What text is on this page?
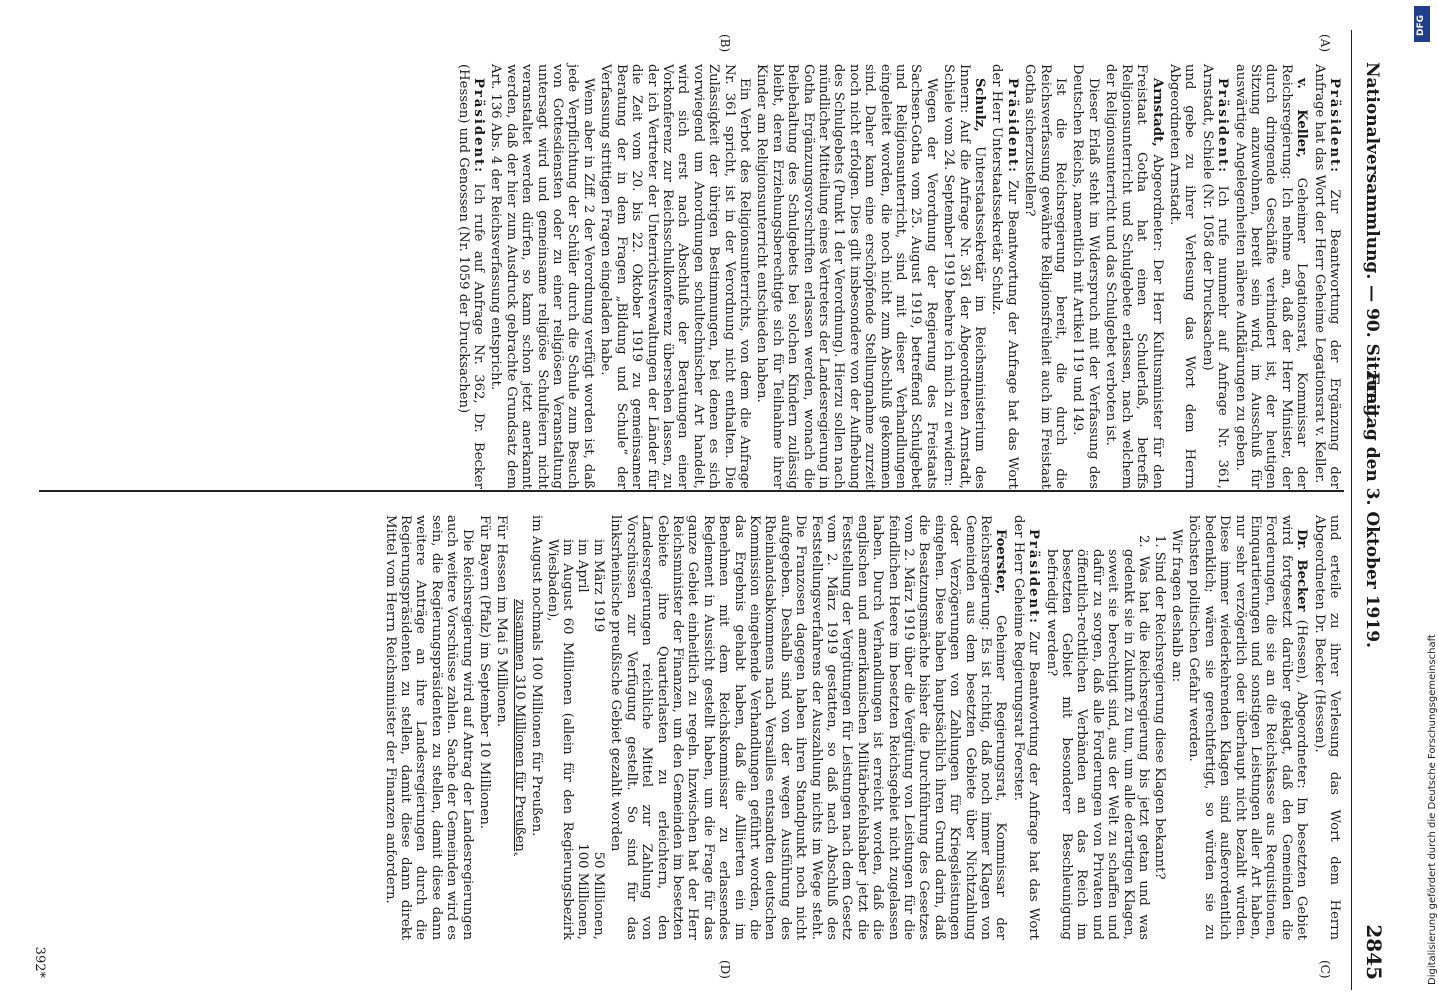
Nationalversammlung. — 90. Sitzung.
Freitag den 3. Oktober 1919.
2845
(A)
(B)
(C)
(D)

Präsident: Zur Beantwortung der Ergänzung der Anfrage hat das Wort der Herr Geheime Legationsrat v. Keller.

v. Keller, Geheimer Legationsrat, Kommissar der Reichsregierung: Ich nehme an, daß der Herr Minister, der durch dringende Geschäfte verhindert ist, der heutigen Sitzung anzuwohnen, bereit sein wird, im Ausschuß für auswärtige Angelegenheiten nähere Aufklärungen zu geben.

Präsident: Ich rufe nunmehr auf Anfrage Nr. 361, Arnstadt, Schiele (Nr. 1058 der Drucksachen)

und gebe zu ihrer Verlesung das Wort dem Herrn Abgeordneten Arnstadt.

Arnstadt, Abgeordneter: Der Herr Kultusminister für den Freistaat Gotha hat einen Schulerlaß, betreffs Religionsunterricht und Schulgebete erlassen, nach welchem der Religionsunterricht und das Schulgebet verboten ist.

Dieser Erlaß steht im Widerspruch mit der Verfassung des Deutschen Reichs, namentlich mit Artikel 119 und 149.

Ist die Reichsregierung bereit, die durch die Reichsverfassung gewährte Religionsfreiheit auch im Freistaat Gotha sicherzustellen?

Präsident: Zur Beantwortung der Anfrage hat das Wort der Herr Unterstaatssekretär Schulz.

Schulz, Unterstaatssekretär im Reichsministerium des Innern: Auf die Anfrage Nr. 361 der Abgeordneten Arnstadt, Schiele vom 24. September 1919 beehre ich mich zu erwidern:

Wegen der Verordnung der Regierung des Freistaats Sachsen-Gotha vom 25. August 1919, betreffend Schulgebet und Religionsunterricht, sind mit dieser Verhandlungen eingeleitet worden, die noch nicht zum Abschluß gekommen sind. Daher kann eine erschöpfende Stellungnahme zurzeit noch nicht erfolgen. Dies gilt insbesondere von der Aufhebung des Schulgebets (Punkt 1 der Verordnung). Hierzu sollen nach mündlicher Mitteilung eines Vertreters der Landesregierung in Gotha Ergänzungsvorschriften erlassen werden, wonach die Beibehaltung des Schulgebets bei solchen Kindern zulässig bleibt, deren Erziehungsberechtigte sich für Teilnahme ihrer Kinder am Religionsunterricht entschieden haben.

Ein Verbot des Religionsunterrichts, von dem die Anfrage Nr. 361 spricht, ist in der Verordnung nicht enthalten. Die Zulässigkeit der übrigen Bestimmungen, bei denen es sich vorwiegend um Anordnungen schultechnischer Art handelt, wird sich erst nach Abschluß der Beratungen einer Vorkonferenz zur Reichsschulkonferenz übersehen lassen, zu der ich Vertreter der Unterrichtsverwaltungen der Länder für die Zeit vom 20. bis 22. Oktober 1919 zu gemeinsamer Beratung der in dem Fragen „Bildung und Schule“ der Verfassung strittigen Fragen eingeladen habe.

Wenn aber in Ziff. 2 der Verordnung verfügt worden ist, daß jede Verpflichtung der Schüler durch die Schule zum Besuch von Gottesdiensten oder zu einer religiösen Veranstaltung untersagt wird und gemeinsame religiöse Schulfeiern nicht veranstaltet werden dürfen, so kann schon jetzt anerkannt werden, daß der hier zum Ausdruck gebrachte Grundsatz dem Art. 136 Abs. 4 der Reichsverfassung entspricht.

Präsident: Ich rufe auf Anfrage Nr. 362, Dr. Becker (Hessen) und Genossen (Nr. 1059 der Drucksachen)

und erteile zu ihrer Verlesung das Wort dem Herrn Abgeordneten Dr. Becker (Hessen).

Dr. Becker (Hessen), Abgeordneter: Im besetzten Gebiet wird fortgesetzt darüber geklagt, daß den Gemeinden die Forderungen, die sie an die Reichskasse aus Requisitionen, Einquartierungen und sonstigen Leistungen aller Art haben, nur sehr verzögerlich oder überhaupt nicht bezahlt würden. Diese immer wiederkehrenden Klagen sind außerordentlich bedenklich; wären sie gerechtfertigt, so würden sie zu höchsten politischen Gefahr werden.

Wir fragen deshalb an:

1. Sind der Reichsregierung diese Klagen bekannt?
2. Was hat die Reichsregierung bis jetzt getan und was gedenkt sie in Zukunft zu tun, um alle derartigen Klagen, soweit sie berechtigt sind, aus der Welt zu schaffen und dafür zu sorgen, daß alle Forderungen von Privaten und öffentlich-rechtlichen Verbänden an das Reich im besetzten Gebiet mit besonderer Beschleunigung befriedigt werden?

Präsident: Zur Beantwortung der Anfrage hat das Wort der Herr Geheime Regierungsrat Foerster.

Foerster, Geheimer Regierungsrat, Kommissar der Reichsregierung: Es ist richtig, daß noch immer Klagen von Gemeinden aus dem besetzten Gebiete über Nichtzahlung oder Verzögerungen von Zahlungen für Kriegsleistungen eingehen. Diese haben hauptsächlich ihren Grund darin, daß die Besatzungsmächte bisher die Durchführung des Gesetzes vom 2. März 1919 über die Vergütung von Leistungen für die feindlichen Heere im besetzten Reichsgebiet nicht zugelassen haben. Durch Verhandlungen ist erreicht worden, daß die englischen und amerikanischen Militärbefehlshaber jetzt die Feststellung der Vergütungen für Leistungen nach dem Gesetz vom 2. März 1919 gestatten, so daß nach Abschluß des Feststellungsverfahrens der Auszahlung nichts im Wege steht. Die Franzosen dagegen haben ihren Standpunkt noch nicht aufgegeben. Deshalb sind von der wegen Ausführung des Rheinlandsabkommens nach Versailles entsandten deutschen Kommission eingehende Verhandlungen geführt worden, die das Ergebnis gehabt haben, daß die Alliierten ein im Benehmen mit dem Reichskommissar zu erlassendes Reglement in Aussicht gestellt haben, um die Frage für das ganze Gebiet einheitlich zu regeln. Inzwischen hat der Herr Reichsminister der Finanzen, um den Gemeinden im besetzten Gebiete ihre Quartierlasten zu erleichtern, den Landesregierungen reichliche Mittel zur Zahlung von Vorschüssen zur Verfügung gestellt. So sind für das linksrheinische preußische Gebiet gezahlt worden

im März 1919
50 Millionen,
im April
100 Millionen,
im August 60 Millionen (allein für den Regierungsbezirk Wiesbaden),

im August nochmals 100 Millionen für Preußen.

zusammen 310 Millionen für Preußen,

Für Hessen im Mai 5 Millionen.

Für Bayern (Pfalz) im September 10 Millionen.

Die Reichsregierung wird auf Antrag der Landesregierungen auch weitere Vorschüsse zahlen. Sache der Gemeinden wird es sein, die Regierungspräsidenten zu stellen, damit diese dann weitere Anträge an ihre Landesregierungen durch die Regierungspräsidenten zu stellen, damit diese dann direkt Mittel vom Herrn Reichsminister der Finanzen anfordern.

392*
DFG
Digitalisierung gefördert durch die Deutsche Forschungsgemeinschaft
